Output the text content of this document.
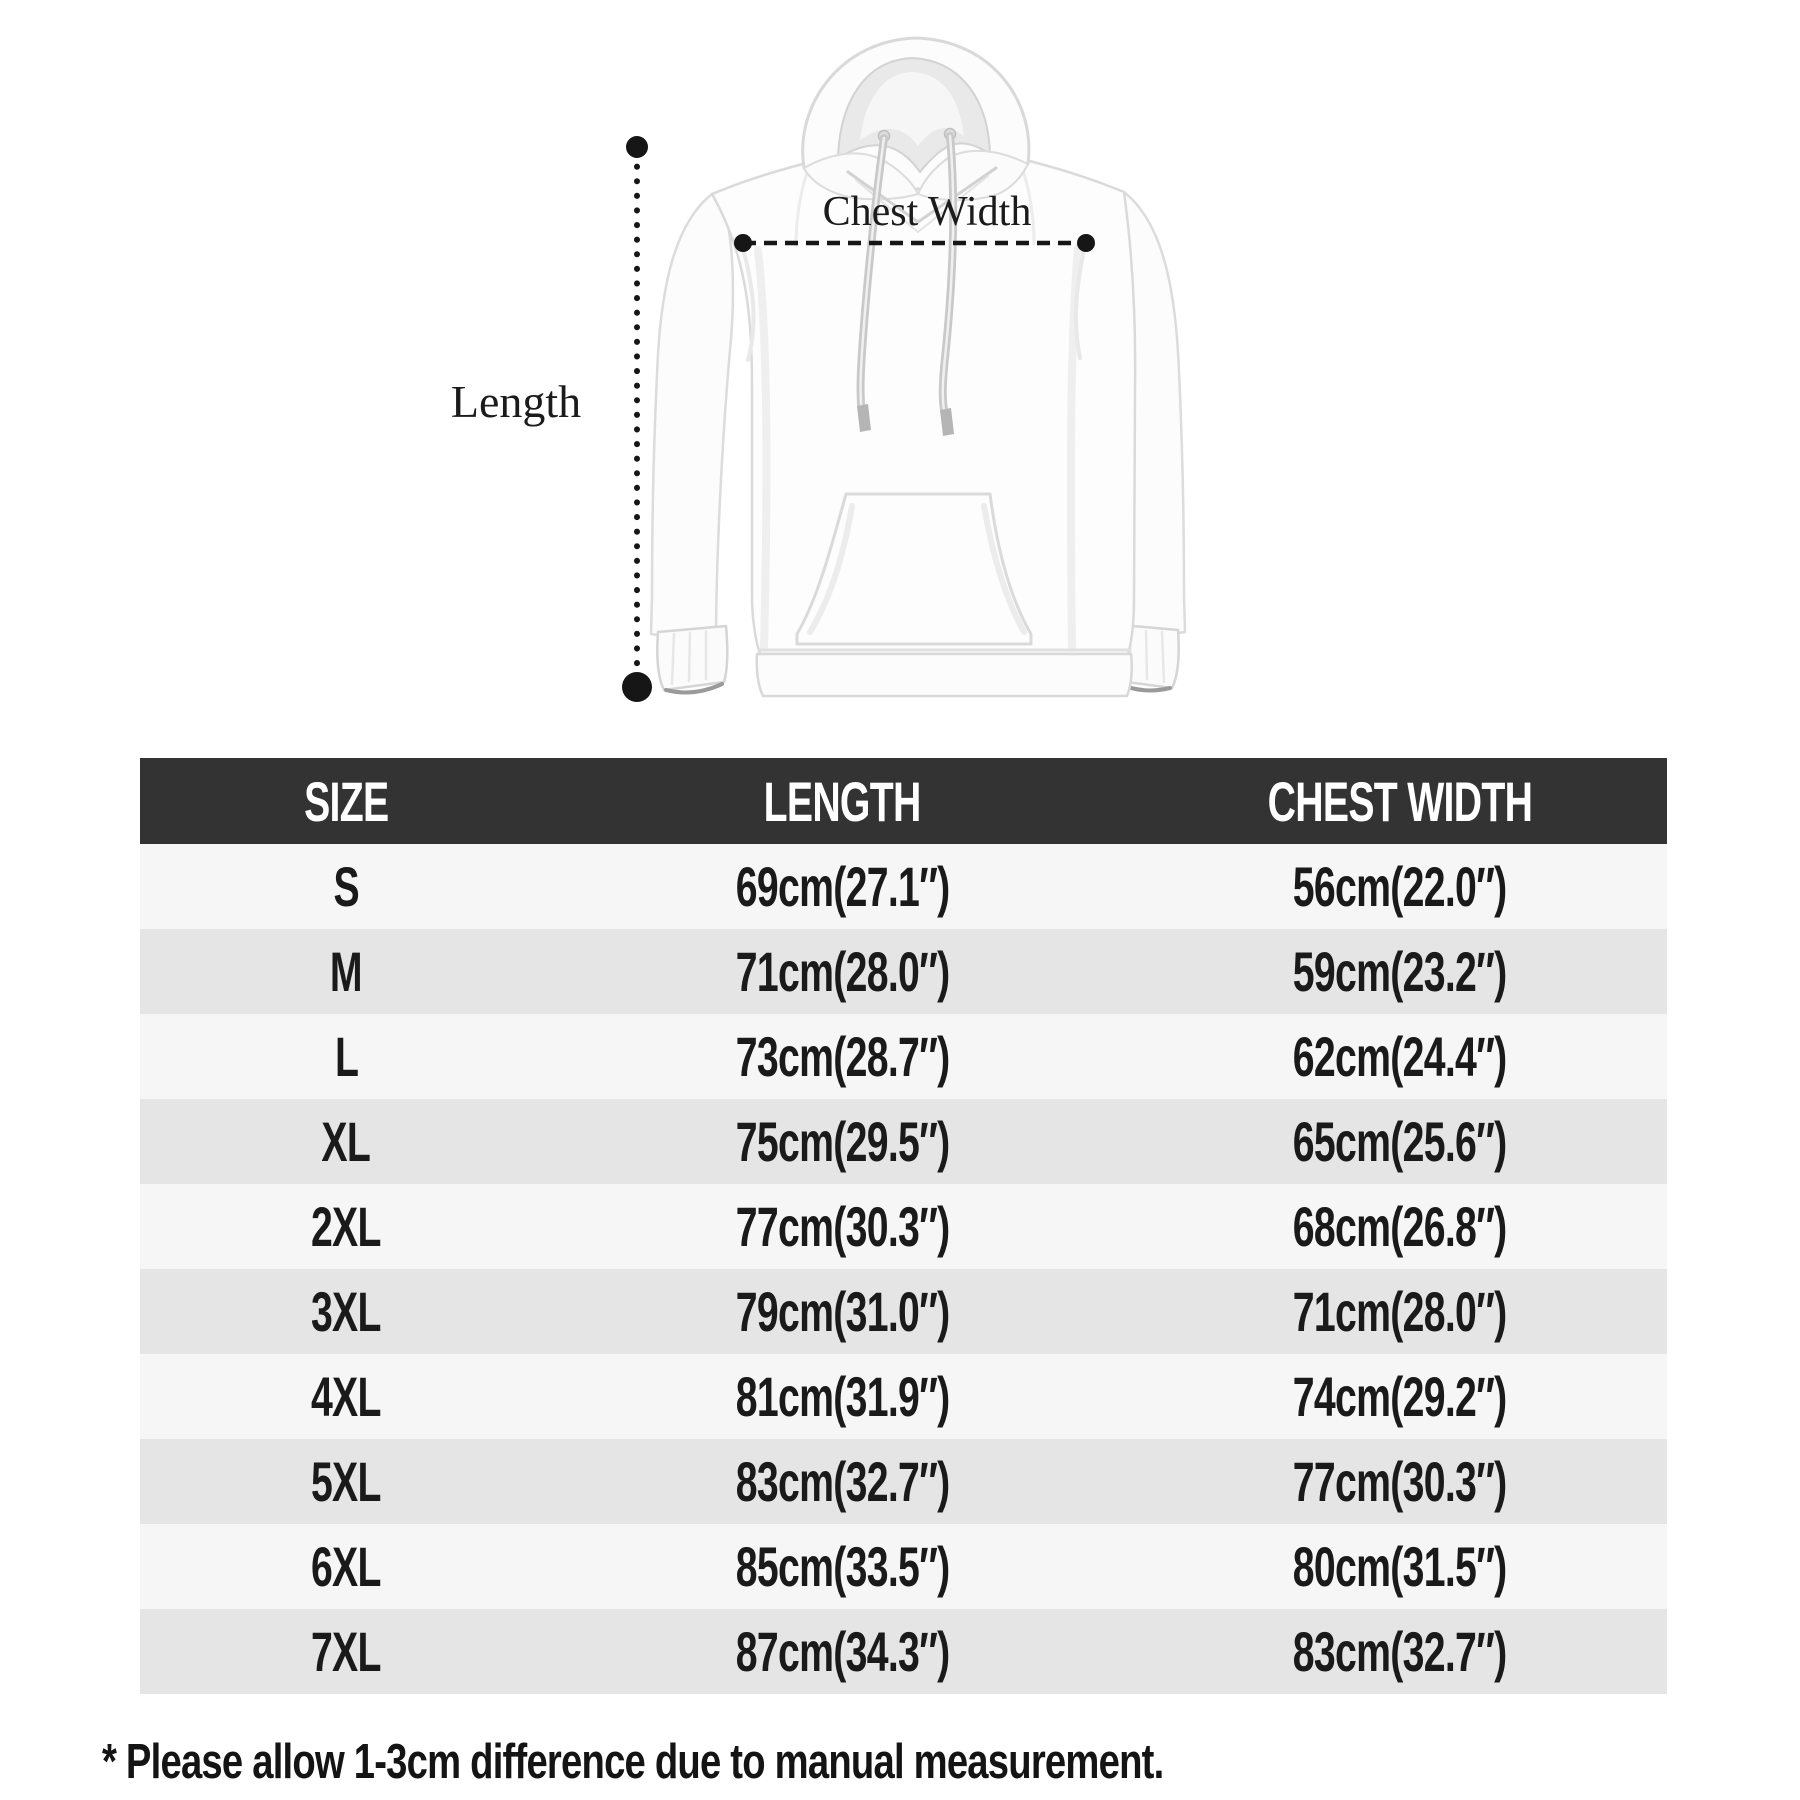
Chest Width
Length
SIZE	LENGTH	CHEST WIDTH
S	69cm(27.1″)	56cm(22.0″)
M	71cm(28.0″)	59cm(23.2″)
L	73cm(28.7″)	62cm(24.4″)
XL	75cm(29.5″)	65cm(25.6″)
2XL	77cm(30.3″)	68cm(26.8″)
3XL	79cm(31.0″)	71cm(28.0″)
4XL	81cm(31.9″)	74cm(29.2″)
5XL	83cm(32.7″)	77cm(30.3″)
6XL	85cm(33.5″)	80cm(31.5″)
7XL	87cm(34.3″)	83cm(32.7″)
* Please allow 1-3cm difference due to manual measurement.
